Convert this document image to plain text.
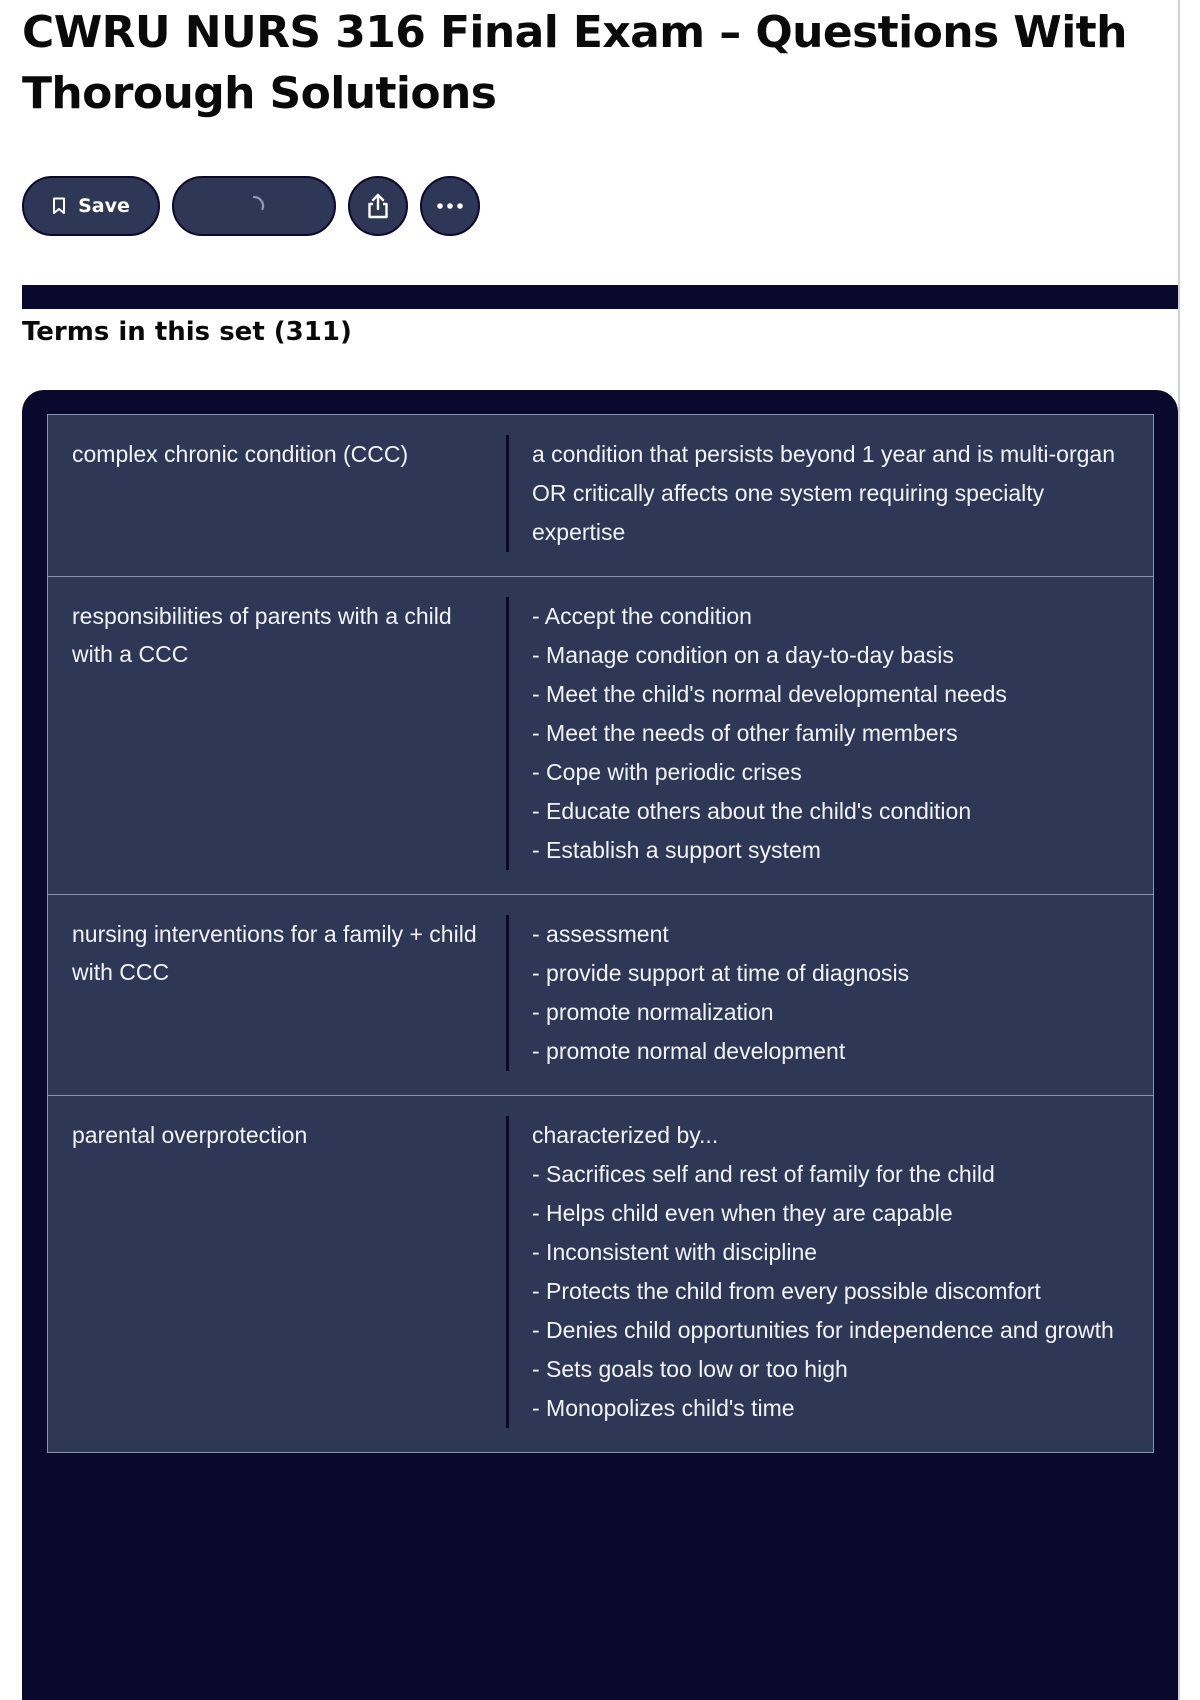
CWRU NURS 316 Final Exam – Questions With Thorough Solutions
Save
Terms in this set (311)
complex chronic condition (CCC)	a condition that persists beyond 1 year and is multi-organ OR critically affects one system requiring specialty expertise
responsibilities of parents with a child with a CCC
- Accept the condition
- Manage condition on a day-to-day basis
- Meet the child's normal developmental needs
- Meet the needs of other family members
- Cope with periodic crises
- Educate others about the child's condition
- Establish a support system
nursing interventions for a family + child with CCC
- assessment
- provide support at time of diagnosis
- promote normalization
- promote normal development
parental overprotection	characterized by...
- Sacrifices self and rest of family for the child
- Helps child even when they are capable
- Inconsistent with discipline
- Protects the child from every possible discomfort
- Denies child opportunities for independence and growth
- Sets goals too low or too high
- Monopolizes child's time
